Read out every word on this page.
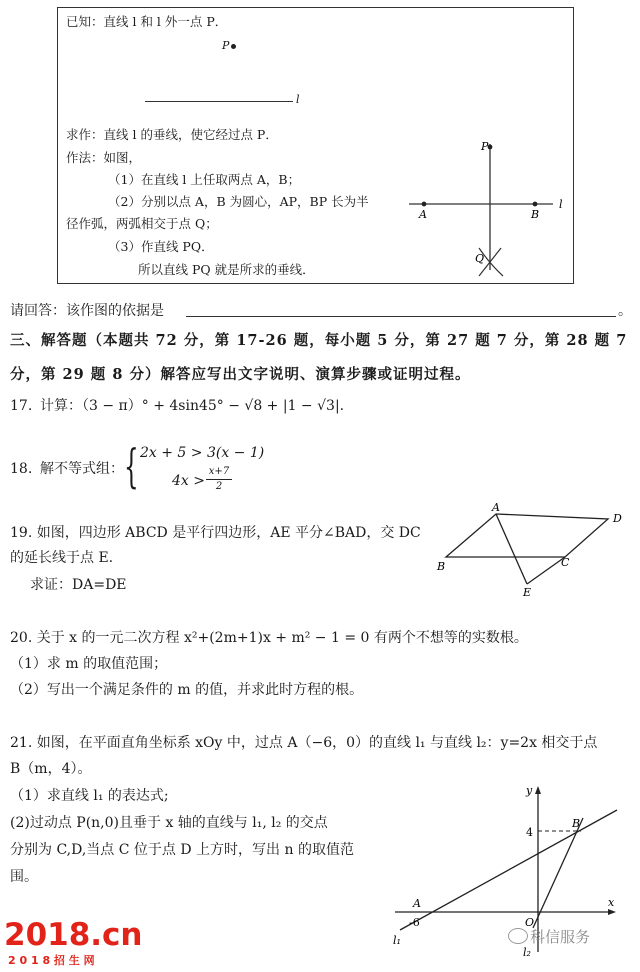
已知：直线 l 和 l 外一点 P．
P
l
求作：直线 l 的垂线，使它经过点 P．
作法：如图，
（1）在直线 l 上任取两点 A，B；
（2）分别以点 A，B 为圆心，AP，BP 长为半
径作弧，两弧相交于点 Q；
（3）作直线 PQ．
所以直线 PQ 就是所求的垂线．
P
A	B
Q
l
请回答：该作图的依据是	。
三、解答题（本题共 72 分，第 17-26 题，每小题 5 分，第 27 题 7 分，第 28 题 7
分，第 29 题 8 分）解答应写出文字说明、演算步骤或证明过程。
17. 计算：（3 − π）° + 4sin45° − √8 + |1 − √3|.
18. 解不等式组： { 2x + 5 > 3(x − 1)
4x >
x+7
2
19. 如图，四边形 ABCD 是平行四边形，AE 平分∠BAD，交 DC
的延长线于点 E.
求证：DA=DE
A
D
B	C
E
20. 关于 x 的一元二次方程 x²+(2m+1)x + m² − 1 = 0 有两个不想等的实数根。
（1）求 m 的取值范围；
（2）写出一个满足条件的 m 的值，并求此时方程的根。
21. 如图，在平面直角坐标系 xOy 中，过点 A（−6，0）的直线 l₁ 与直线 l₂：y=2x 相交于点
B（m，4）。
（1）求直线 l₁ 的表达式;
(2)过动点 P(n,0)且垂于 x 轴的直线与 l₁, l₂ 的交点
分别为 C,D,当点 C 位于点 D 上方时，写出 n 的取值范
围。
y
x
4
B
A
-6	O
l₁
l₂
2018.cn
2 0 1 8 招 生 网
科信服务
